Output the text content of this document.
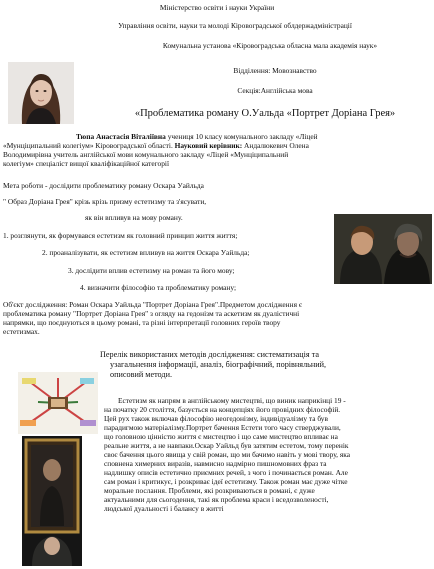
Міністерство освіти і науки України
Управління освіти, науки та молоді Кіровоградської облдержадміністрації
Комунальна установа «Кіровоградська обласна мала академія наук»
Відділення: Мовознавство
Секція:Англійська мова
«Проблематика роману О.Уальда «Портрет Доріана Грея»
Тюпа Анастасія Віталіївна учениця 10 класу комунального закладу «Ліцей
«Мунціципальний колегіум» Кіровоградської області. Науковий керівник: Андалюкевич Олена
Володимирівна учитель англійської мови комунального закладу «Ліцей «Мунціципальний
колегіум» спеціаліст вищої кваліфікаційної категорії
Мета роботи - дослідити проблематику роману Оскара Уайльда
" Образ Доріана Грея" крізь крізь призму естетизму та з'ясувати,
як він впливув на мову роману.
1. розглянути, як формувався естетизм як головний принцип життя життя;
2. проаналізувати, як естетизм впливув на життя Оскара Уайльда;
3. дослідити вплив естетизму на роман та його мову;
4. визначити філософію та проблематику роману;
Об'єкт дослідження: Роман Оскара Уайльда "Портрет Доріана Грея".Предметом дослідження є
проблематика роману "Портрет Доріана Грея" з огляду на гедонізм та аскетизм як дуалістичні
напрямки, що поєднуються в цьому романі, та різні інтерпретації головних героїв твору
естетизмах.
Перелік використаних методів дослідження: систематизація та
узагальнення інформації, аналіз, біографічний, порівняльний,
описовий методи.
Естетизм як напрям в англійському мистецтві, що виник наприкінці 19 -
на початку 20 століття, базується на концепціях його провідних філософій.
Цей рух також включав філософію неогедонізму, індивідуалізму та був
парадигмою матеріалізму.Портрет бачення Естети того часу стверджували,
що головною цінністю життя є мистецтво і що саме мистецтво впливає на
реальне життя, а не навпаки.Оскар Уайльд був затятим естетом, тому перенік
своє бачення цього явища у свій роман, що ми бачимо навіть у мові твору, яка
сповнена химерних виразів, навмисно надмірно пишномовних фраз та
надлишку описів естетично приємних речей, з чого і починається роман. Але
сам роман і критикує, і розкриває ідеї естетизму. Також роман має дуже чітке
моральне послання. Проблеми, які розкриваються в романі, є дуже
актуальними для сьогодення, такі як проблема краси і вседозволеності,
людської дуальності і балансу в житті
